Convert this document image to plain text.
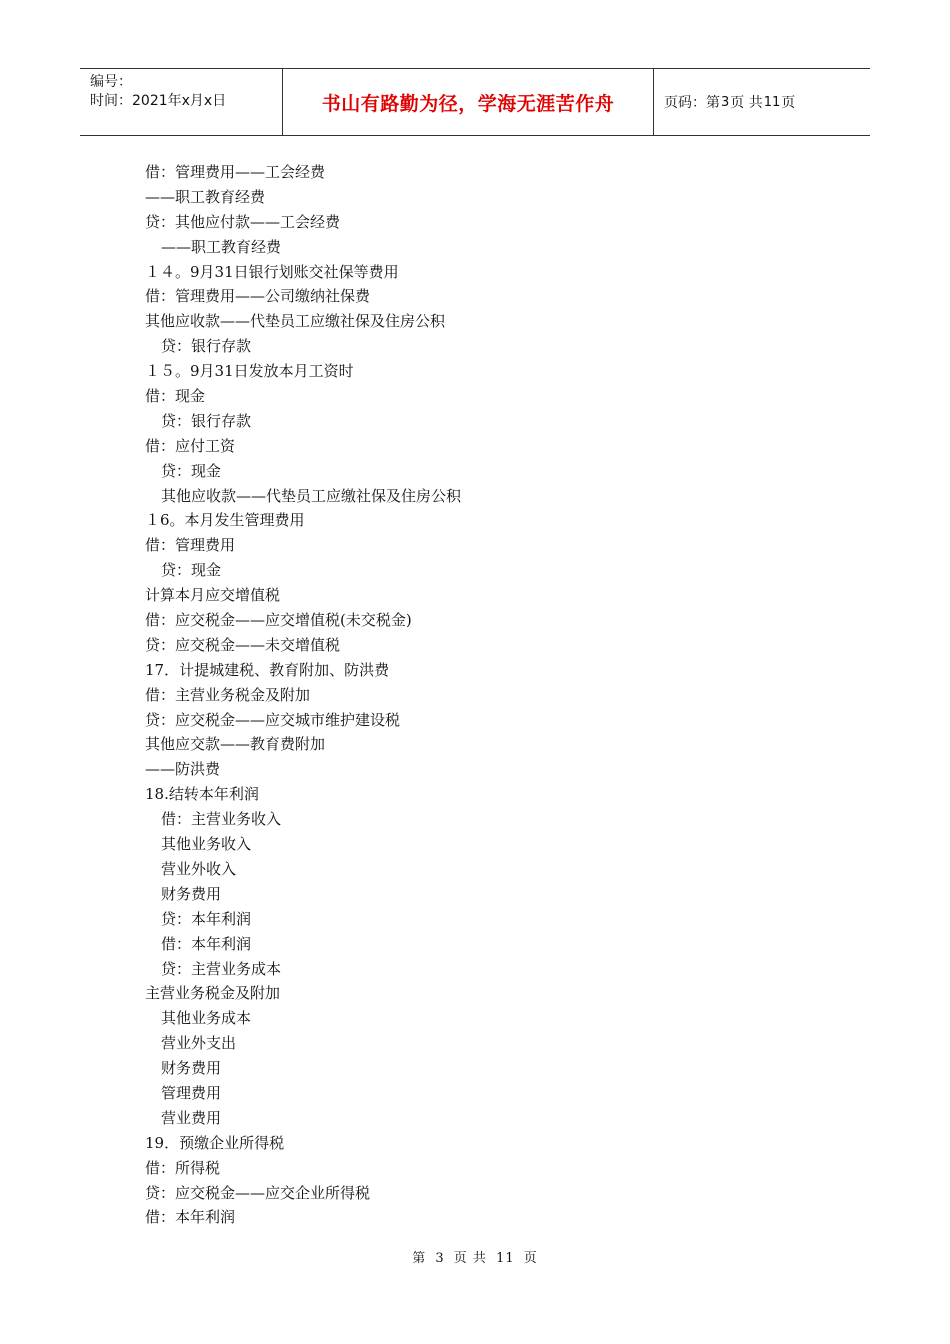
编号：
时间：2021年x月x日	书山有路勤为径，学海无涯苦作舟	页码：第 3 页 共 11 页
借：管理费用——工会经费
——职工教育经费
贷：其他应付款——工会经费
——职工教育经费
１４。9月31日银行划账交社保等费用
借：管理费用——公司缴纳社保费
其他应收款——代垫员工应缴社保及住房公积
贷：银行存款
１５。9月31日发放本月工资时
借：现金
贷：银行存款
借：应付工资
贷：现金
其他应收款——代垫员工应缴社保及住房公积
１6。本月发生管理费用
借：管理费用
贷：现金
计算本月应交增值税
借：应交税金——应交增值税(未交税金)
贷：应交税金——未交增值税
17．计提城建税、教育附加、防洪费
借：主营业务税金及附加
贷：应交税金——应交城市维护建设税
其他应交款——教育费附加
——防洪费
18.结转本年利润
借：主营业务收入
其他业务收入
营业外收入
财务费用
贷：本年利润
借：本年利润
贷：主营业务成本
主营业务税金及附加
其他业务成本
营业外支出
财务费用
管理费用
营业费用
19．预缴企业所得税
借：所得税
贷：应交税金——应交企业所得税
借：本年利润
第 3 页 共 11 页
